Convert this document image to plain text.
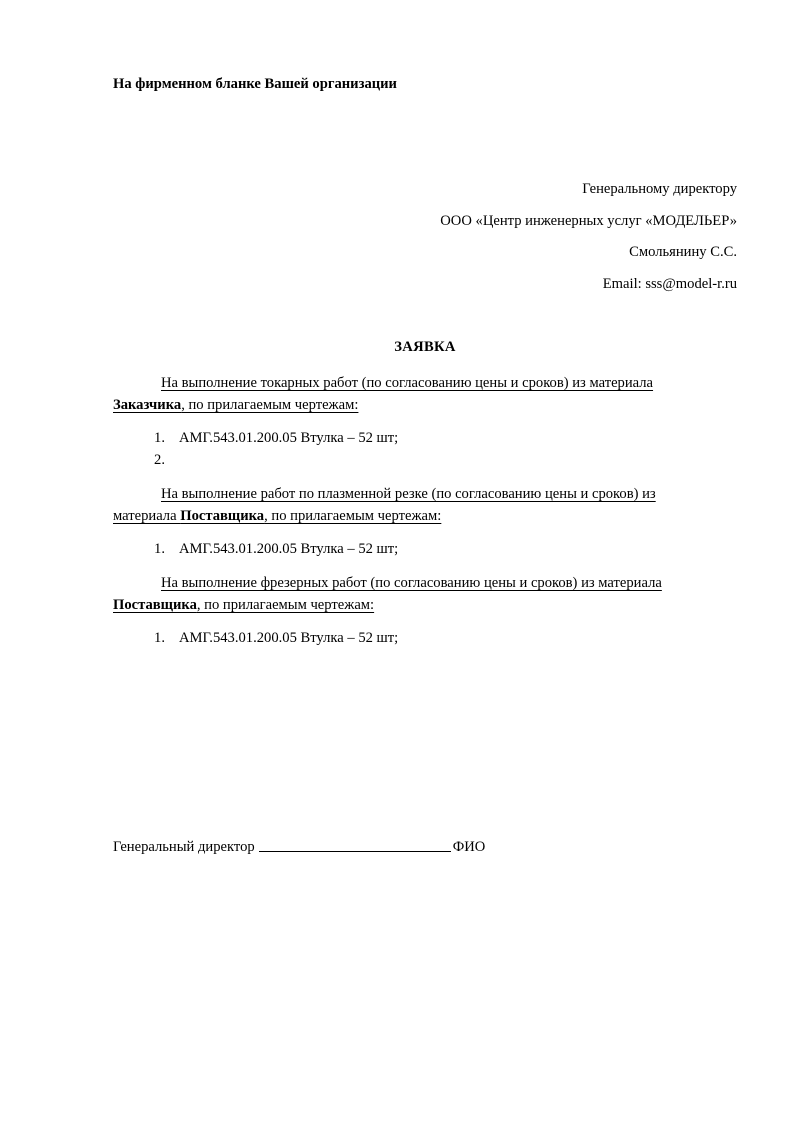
На фирменном бланке Вашей организации
Генеральному директору
ООО «Центр инженерных услуг «МОДЕЛЬЕР»
Смольянину С.С.
Email: sss@model-r.ru
ЗАЯВКА
На выполнение токарных работ (по согласованию цены и сроков) из материала
Заказчика, по прилагаемым чертежам:
1. АМГ.543.01.200.05 Втулка – 52 шт;
2.
На выполнение работ по плазменной резке (по согласованию цены и сроков) из
материала Поставщика, по прилагаемым чертежам:
1. АМГ.543.01.200.05 Втулка – 52 шт;
На выполнение фрезерных работ (по согласованию цены и сроков) из материала
Поставщика, по прилагаемым чертежам:
1. АМГ.543.01.200.05 Втулка – 52 шт;
Генеральный директор	ФИО
